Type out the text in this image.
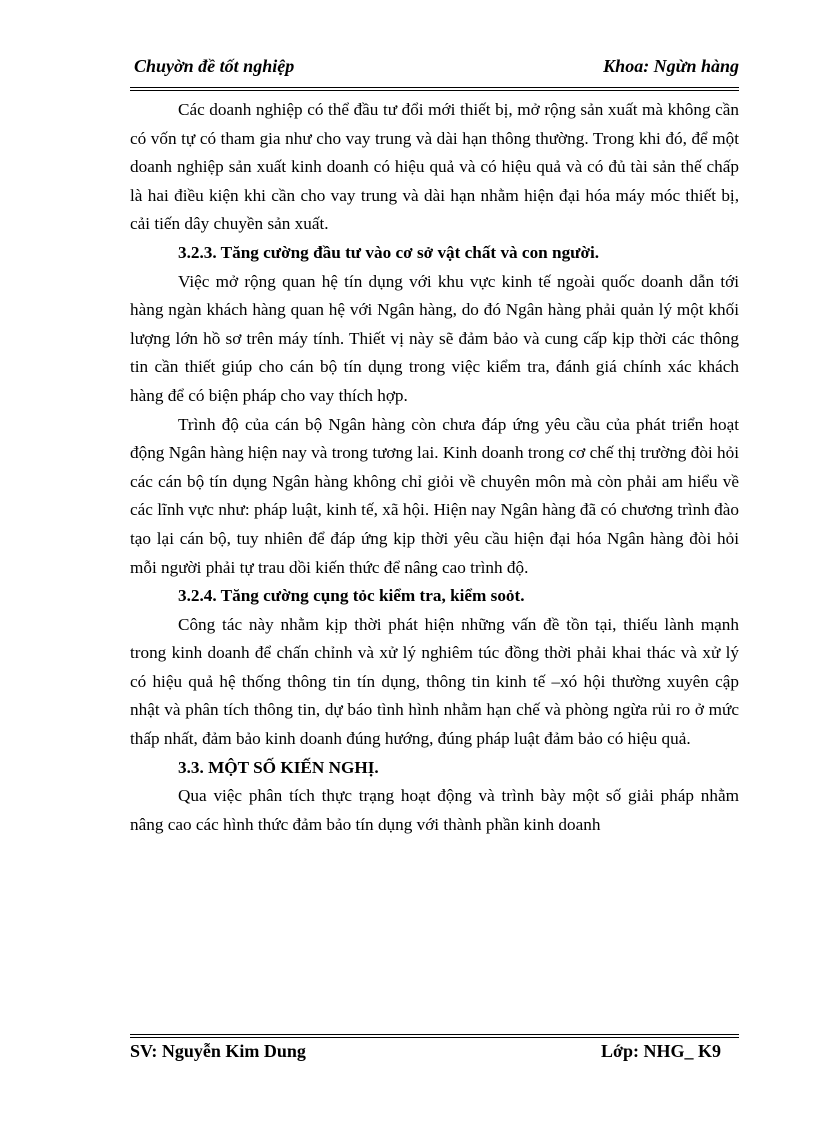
Chuyờn đề tốt nghiệp	Khoa: Ngừn hàng

Các doanh nghiệp có thể đầu tư đổi mới thiết bị, mở rộng sản xuất mà không cần có vốn tự có tham gia như cho vay trung và dài hạn thông thường. Trong khi đó, để một doanh nghiệp sản xuất kinh doanh có hiệu quả và có hiệu quả và có đủ tài sản thế chấp là hai điều kiện khi cần cho vay trung và dài hạn nhằm hiện đại hóa máy móc thiết bị, cải tiến dây chuyền sản xuất.

3.2.3. Tăng cường đầu tư vào cơ sở vật chất và con người.

Việc mở rộng quan hệ tín dụng với khu vực kinh tế ngoài quốc doanh dẫn tới hàng ngàn khách hàng quan hệ với Ngân hàng, do đó Ngân hàng phải quản lý một khối lượng lớn hồ sơ trên máy tính. Thiết vị này sẽ đảm bảo và cung cấp kịp thời các thông tin cần thiết giúp cho cán bộ tín dụng trong việc kiểm tra, đánh giá chính xác khách hàng để có biện pháp cho vay thích hợp.

Trình độ của cán bộ Ngân hàng còn chưa đáp ứng yêu cầu của phát triển hoạt động Ngân hàng hiện nay và trong tương lai. Kinh doanh trong cơ chế thị trường đòi hỏi các cán bộ tín dụng Ngân hàng không chỉ giỏi về chuyên môn mà còn phải am hiểu về các lĩnh vực như: pháp luật, kinh tế, xã hội. Hiện nay Ngân hàng đã có chương trình đào tạo lại cán bộ, tuy nhiên để đáp ứng kịp thời yêu cầu hiện đại hóa Ngân hàng đòi hỏi mỗi người phải tự trau dồi kiến thức để nâng cao trình độ.

3.2.4. Tăng cường cụng tỏc kiểm tra, kiểm soỏt.

Công tác này nhằm kịp thời phát hiện những vấn đề tồn tại, thiếu lành mạnh trong kinh doanh để chấn chỉnh và xử lý nghiêm túc đồng thời phải khai thác và xử lý có hiệu quả hệ thống thông tin tín dụng, thông tin kinh tế –xó hội thường xuyên cập nhật và phân tích thông tin, dự báo tình hình nhằm hạn chế và phòng ngừa rủi ro ở mức thấp nhất, đảm bảo kinh doanh đúng hướng, đúng pháp luật đảm bảo có hiệu quả.

3.3. MỘT SỐ KIẾN NGHỊ.

Qua việc phân tích thực trạng hoạt động và trình bày một số giải pháp nhằm nâng cao các hình thức đảm bảo tín dụng với thành phần kinh doanh

SV: Nguyễn Kim Dung	Lớp: NHG_ K9
